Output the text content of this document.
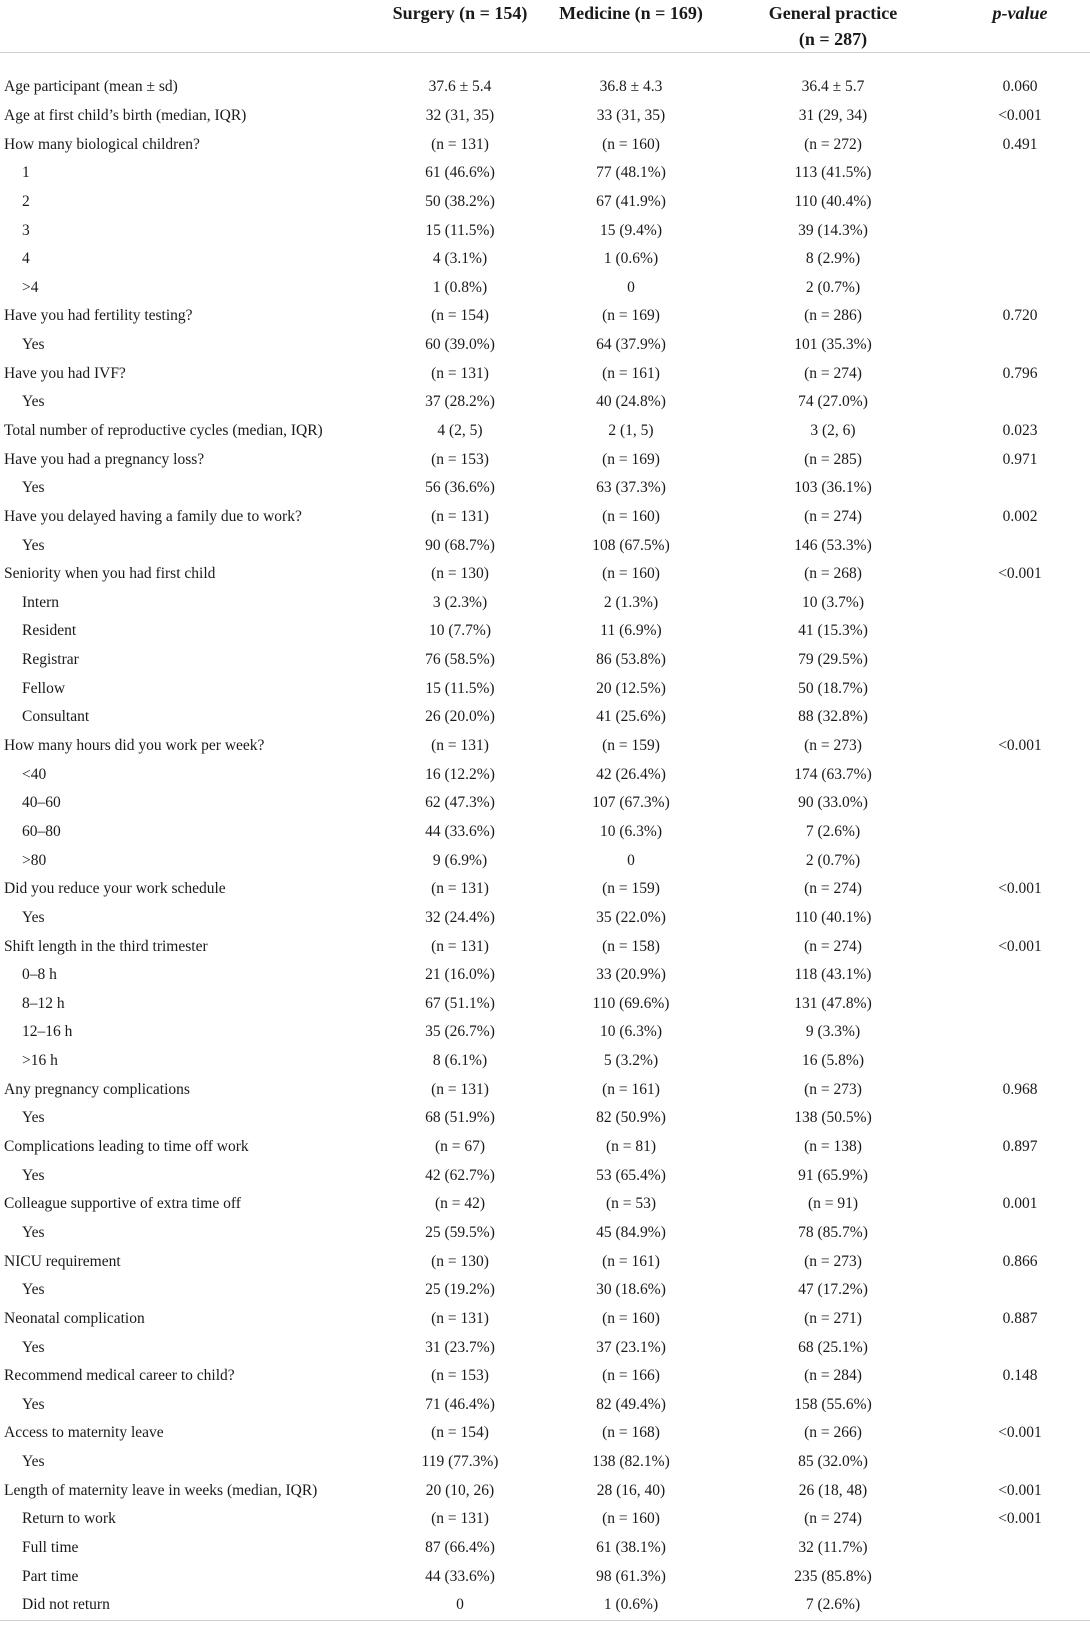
	Surgery (n = 154)	Medicine (n = 169)	General practice
(n = 287)	p-value

Age participant (mean ± sd)	37.6 ± 5.4	36.8 ± 4.3	36.4 ± 5.7	0.060
Age at first child’s birth (median, IQR)	32 (31, 35)	33 (31, 35)	31 (29, 34)	<0.001
How many biological children?	(n = 131)	(n = 160)	(n = 272)	0.491
1	61 (46.6%)	77 (48.1%)	113 (41.5%)	
2	50 (38.2%)	67 (41.9%)	110 (40.4%)	
3	15 (11.5%)	15 (9.4%)	39 (14.3%)	
4	4 (3.1%)	1 (0.6%)	8 (2.9%)	
>4	1 (0.8%)	0	2 (0.7%)	
Have you had fertility testing?	(n = 154)	(n = 169)	(n = 286)	0.720
Yes	60 (39.0%)	64 (37.9%)	101 (35.3%)	
Have you had IVF?	(n = 131)	(n = 161)	(n = 274)	0.796
Yes	37 (28.2%)	40 (24.8%)	74 (27.0%)	
Total number of reproductive cycles (median, IQR)	4 (2, 5)	2 (1, 5)	3 (2, 6)	0.023
Have you had a pregnancy loss?	(n = 153)	(n = 169)	(n = 285)	0.971
Yes	56 (36.6%)	63 (37.3%)	103 (36.1%)	
Have you delayed having a family due to work?	(n = 131)	(n = 160)	(n = 274)	0.002
Yes	90 (68.7%)	108 (67.5%)	146 (53.3%)	
Seniority when you had first child	(n = 130)	(n = 160)	(n = 268)	<0.001
Intern	3 (2.3%)	2 (1.3%)	10 (3.7%)	
Resident	10 (7.7%)	11 (6.9%)	41 (15.3%)	
Registrar	76 (58.5%)	86 (53.8%)	79 (29.5%)	
Fellow	15 (11.5%)	20 (12.5%)	50 (18.7%)	
Consultant	26 (20.0%)	41 (25.6%)	88 (32.8%)	
How many hours did you work per week?	(n = 131)	(n = 159)	(n = 273)	<0.001
<40	16 (12.2%)	42 (26.4%)	174 (63.7%)	
40–60	62 (47.3%)	107 (67.3%)	90 (33.0%)	
60–80	44 (33.6%)	10 (6.3%)	7 (2.6%)	
>80	9 (6.9%)	0	2 (0.7%)	
Did you reduce your work schedule	(n = 131)	(n = 159)	(n = 274)	<0.001
Yes	32 (24.4%)	35 (22.0%)	110 (40.1%)	
Shift length in the third trimester	(n = 131)	(n = 158)	(n = 274)	<0.001
0–8 h	21 (16.0%)	33 (20.9%)	118 (43.1%)	
8–12 h	67 (51.1%)	110 (69.6%)	131 (47.8%)	
12–16 h	35 (26.7%)	10 (6.3%)	9 (3.3%)	
>16 h	8 (6.1%)	5 (3.2%)	16 (5.8%)	
Any pregnancy complications	(n = 131)	(n = 161)	(n = 273)	0.968
Yes	68 (51.9%)	82 (50.9%)	138 (50.5%)	
Complications leading to time off work	(n = 67)	(n = 81)	(n = 138)	0.897
Yes	42 (62.7%)	53 (65.4%)	91 (65.9%)	
Colleague supportive of extra time off	(n = 42)	(n = 53)	(n = 91)	0.001
Yes	25 (59.5%)	45 (84.9%)	78 (85.7%)	
NICU requirement	(n = 130)	(n = 161)	(n = 273)	0.866
Yes	25 (19.2%)	30 (18.6%)	47 (17.2%)	
Neonatal complication	(n = 131)	(n = 160)	(n = 271)	0.887
Yes	31 (23.7%)	37 (23.1%)	68 (25.1%)	
Recommend medical career to child?	(n = 153)	(n = 166)	(n = 284)	0.148
Yes	71 (46.4%)	82 (49.4%)	158 (55.6%)	
Access to maternity leave	(n = 154)	(n = 168)	(n = 266)	<0.001
Yes	119 (77.3%)	138 (82.1%)	85 (32.0%)	
Length of maternity leave in weeks (median, IQR)	20 (10, 26)	28 (16, 40)	26 (18, 48)	<0.001
Return to work	(n = 131)	(n = 160)	(n = 274)	<0.001
Full time	87 (66.4%)	61 (38.1%)	32 (11.7%)	
Part time	44 (33.6%)	98 (61.3%)	235 (85.8%)	
Did not return	0	1 (0.6%)	7 (2.6%)	
